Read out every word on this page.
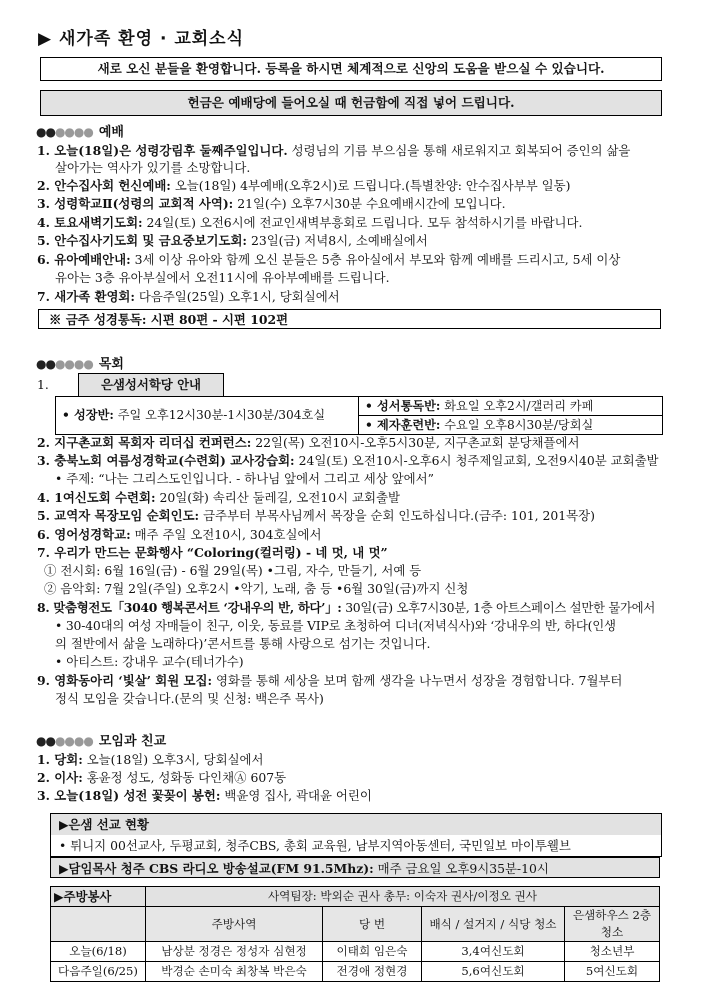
▶ 새가족 환영 · 교회소식
새로 오신 분들을 환영합니다. 등록을 하시면 체계적으로 신앙의 도움을 받으실 수 있습니다.
헌금은 예배당에 들어오실 때 헌금함에 직접 넣어 드립니다.
●●●●●● 예배
1. 오늘(18일)은 성령강림후 둘째주일입니다. 성령님의 기름 부으심을 통해 새로워지고 회복되어 증인의 삶을
살아가는 역사가 있기를 소망합니다.
2. 안수집사회 헌신예배: 오늘(18일) 4부예배(오후2시)로 드립니다.(특별찬양: 안수집사부부 일동)
3. 성령학교Ⅱ(성령의 교회적 사역): 21일(수) 오후7시30분 수요예배시간에 모입니다.
4. 토요새벽기도회: 24일(토) 오전6시에 전교인새벽부흥회로 드립니다. 모두 참석하시기를 바랍니다.
5. 안수집사기도회 및 금요중보기도회: 23일(금) 저녁8시, 소예배실에서
6. 유아예배안내: 3세 이상 유아와 함께 오신 분들은 5층 유아실에서 부모와 함께 예배를 드리시고, 5세 이상
유아는 3층 유아부실에서 오전11시에 유아부예배를 드립니다.
7. 새가족 환영회: 다음주일(25일) 오후1시, 당회실에서
※ 금주 성경통독: 시편 80편 - 시편 102편
●●●●●● 목회
1.	은샘성서학당 안내
• 성장반: 주일 오후12시30분-1시30분/304호실	• 성서통독반: 화요일 오후2시/갤러리 카페
• 제자훈련반: 수요일 오후8시30분/당회실
2. 지구촌교회 목회자 리더십 컨퍼런스: 22일(목) 오전10시-오후5시30분, 지구촌교회 분당채플에서
3. 충북노회 여름성경학교(수련회) 교사강습회: 24일(토) 오전10시-오후6시 청주제일교회, 오전9시40분 교회출발
• 주제: “나는 그리스도인입니다. - 하나님 앞에서 그리고 세상 앞에서”
4. 1여신도회 수련회: 20일(화) 속리산 둘레길, 오전10시 교회출발
5. 교역자 목장모임 순회인도: 금주부터 부목사님께서 목장을 순회 인도하십니다.(금주: 101, 201목장)
6. 영어성경학교: 매주 주일 오전10시, 304호실에서
7. 우리가 만드는 문화행사 “Coloring(컬러링) - 네 멋, 내 멋”
① 전시회: 6월 16일(금) - 6월 29일(목) •그림, 자수, 만들기, 서예 등
② 음악회: 7월 2일(주일) 오후2시 •악기, 노래, 춤 등 •6월 30일(금)까지 신청
8. 맞춤형전도「3040 행복콘서트 ‘강내우의 반, 하다’」: 30일(금) 오후7시30분, 1층 아트스페이스 설만한 물가에서
• 30-40대의 여성 자매들이 친구, 이웃, 동료를 VIP로 초청하여 디너(저녁식사)와 ‘강내우의 반, 하다(인생
의 절반에서 삶을 노래하다)’콘서트를 통해 사랑으로 섬기는 것입니다.
• 아티스트: 강내우 교수(테너가수)
9. 영화동아리 ‘빛살’ 회원 모집: 영화를 통해 세상을 보며 함께 생각을 나누면서 성장을 경험합니다. 7월부터
정식 모임을 갖습니다.(문의 및 신청: 백은주 목사)
●●●●●● 모임과 친교
1. 당회: 오늘(18일) 오후3시, 당회실에서
2. 이사: 홍윤정 성도, 성화동 다인채Ⓐ 607동
3. 오늘(18일) 성전 꽃꽂이 봉헌: 백윤영 집사, 곽대윤 어린이
▶은샘 선교 현황
• 튀니지 00선교사, 두평교회, 청주CBS, 총회 교육원, 남부지역아동센터, 국민일보 마이투웰브
▶담임목사 청주 CBS 라디오 방송설교(FM 91.5Mhz): 매주 금요일 오후9시35분-10시
▶주방봉사	사역팀장: 박외순 권사 총무: 이숙자 권사/이정오 권사			
	주방사역	당 번	배식 / 설거지 / 식당 청소	은샘하우스 2층 청소
오늘(6/18)	남상분 정경은 정성자 심현정	이태희 임은숙	3,4여신도회	청소년부
다음주일(6/25)	박경순 손미숙 최창복 박은숙	전경애 정현경	5,6여신도회	5여신도회
